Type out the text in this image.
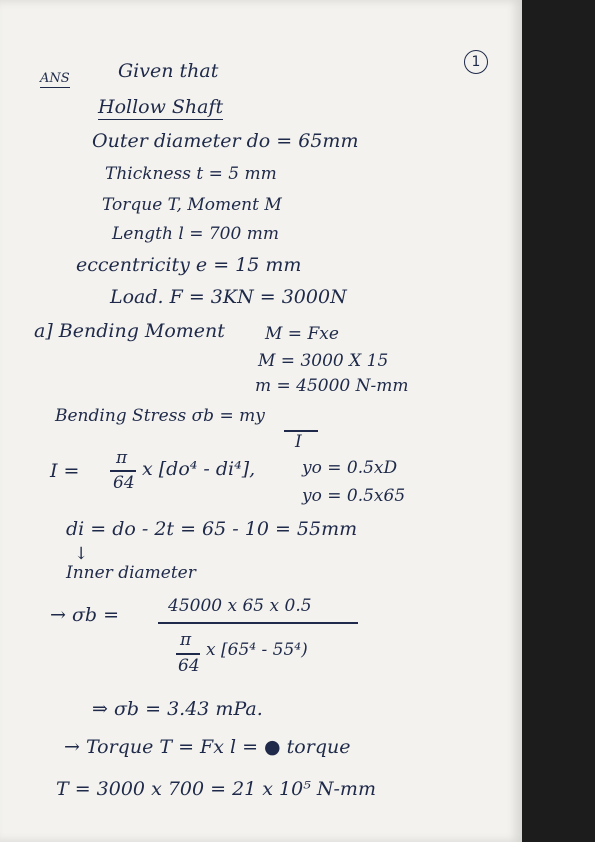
1
ANS	Given that
Hollow Shaft
Outer diameter do = 65mm
Thickness t = 5 mm
Torque T, Moment M
Length l = 700 mm
eccentricity e = 15 mm
Load. F = 3KN = 3000N
a] Bending Moment M = Fxe
M = 3000 X 15
m = 45000 N-mm
Bending Stress σb = my
I
I =
π
64
x [do⁴ - di⁴],	yo = 0.5xD
yo = 0.5x65
di = do - 2t = 65 - 10 = 55mm
↓
Inner diameter
→ σb =	45000 x 65 x 0.5
π
64
x [65⁴ - 55⁴)
⇒ σb = 3.43 mPa.
→ Torque T = Fx l = ● torque
T = 3000 x 700 = 21 x 10⁵ N-mm
